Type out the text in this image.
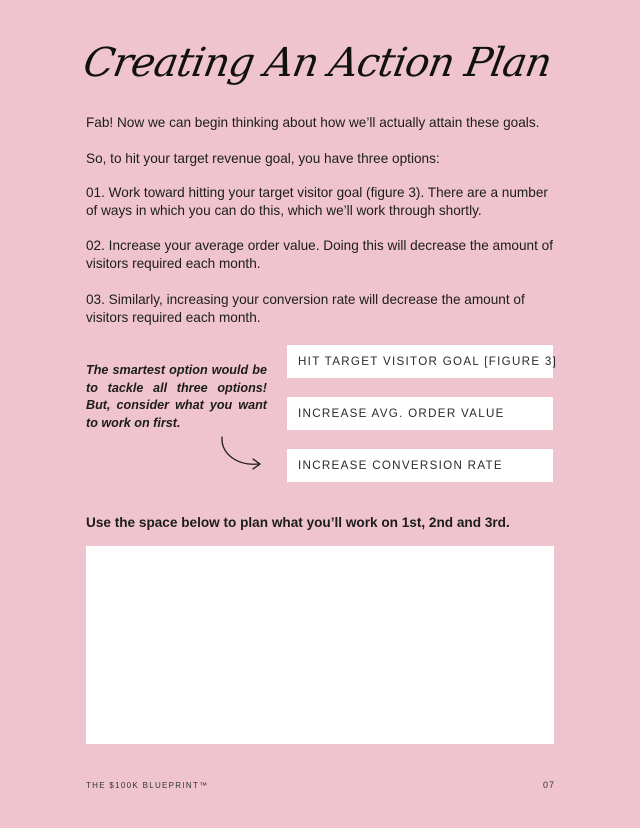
Creating An Action Plan

Fab! Now we can begin thinking about how we’ll actually attain these goals.

So, to hit your target revenue goal, you have three options:

01. Work toward hitting your target visitor goal (figure 3). There are a number of ways in which you can do this, which we’ll work through shortly.

02. Increase your average order value. Doing this will decrease the amount of visitors required each month.

03. Similarly, increasing your conversion rate will decrease the amount of visitors required each month.

The smartest option would be to tackle all three options! But, consider what you want to work on first.

HIT TARGET VISITOR GOAL [FIGURE 3]
INCREASE AVG. ORDER VALUE
INCREASE CONVERSION RATE
Use the space below to plan what you’ll work on 1st, 2nd and 3rd.
THE $100K BLUEPRINT™	07
